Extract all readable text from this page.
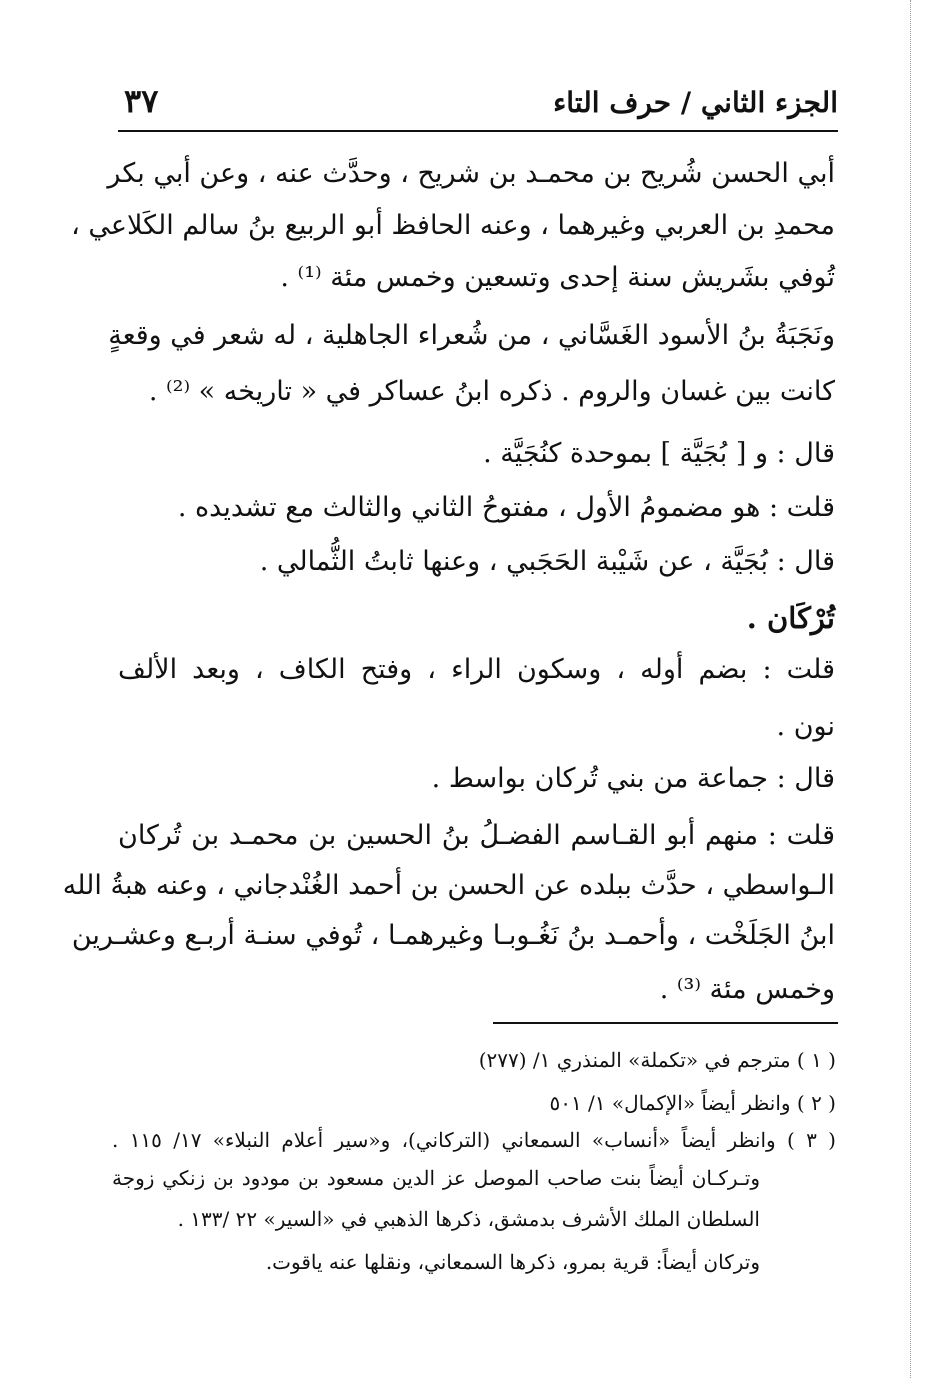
الجزء الثاني / حرف التاء
٣٧
أبي الحسن شُريح بن محمـد بن شريح ، وحدَّث عنه ، وعن أبي بكر
محمدِ بن العربي وغيرهما ، وعنه الحافظ أبو الربيع بنُ سالم الكَلاعي ،
تُوفي بشَريش سنة إحدى وتسعين وخمس مئة ⁽¹⁾ .
ونَجَبَةُ بنُ الأسود الغَسَّاني ، من شُعراء الجاهلية ، له شعر في وقعةٍ
كانت بين غسان والروم . ذكره ابنُ عساكر في « تاريخه » ⁽²⁾ .
قال : و [ بُجَيَّة ] بموحدة كنُجَيَّة .
قلت : هو مضمومُ الأول ، مفتوحُ الثاني والثالث مع تشديده .
قال : بُجَيَّة ، عن شَيْبة الحَجَبي ، وعنها ثابتُ الثُّمالي .
تُرْكَان .
قلت : بضم أوله ، وسكون الراء ، وفتح الكاف ، وبعد الألف
نون .
قال : جماعة من بني تُركان بواسط .
قلت : منهم أبو القـاسم الفضـلُ بنُ الحسين بن محمـد بن تُركان
الـواسطي ، حدَّث ببلده عن الحسن بن أحمد الغُنْدجاني ، وعنه هبةُ الله
ابنُ الجَلَخْت ، وأحمـد بنُ نَغُـوبـا وغيرهمـا ، تُوفي سنـة أربـع وعشـرين
وخمس مئة ⁽³⁾ .
( ١ ) مترجم في «تكملة» المنذري ١/ (٢٧٧)
( ٢ ) وانظر أيضاً «الإكمال» ١/ ٥٠١
( ٣ ) وانظر أيضاً «أنساب» السمعاني (التركاني)، و«سير أعلام النبلاء» ١٧/ ١١٥ .
وتـركـان أيضاً بنت صاحب الموصل عز الدين مسعود بن مودود بن زنكي زوجة
السلطان الملك الأشرف بدمشق، ذكرها الذهبي في «السير» ٢٢ /١٣٣ .
وتركان أيضاً: قرية بمرو، ذكرها السمعاني، ونقلها عنه ياقوت.
